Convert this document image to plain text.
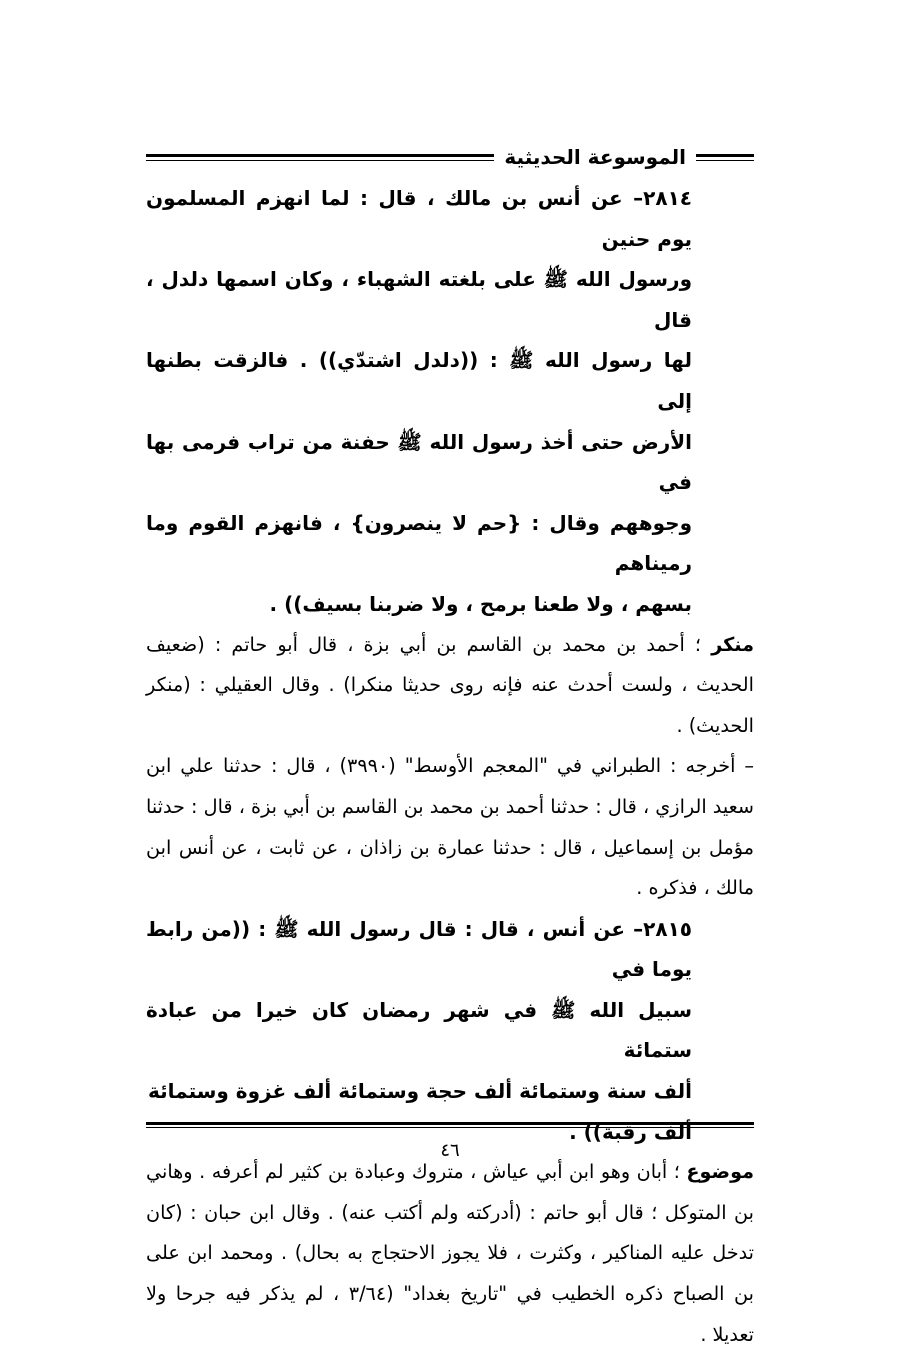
الموسوعة الحديثية
٢٨١٤– عن أنس بن مالك ، قال : لما انهزم المسلمون يوم حنين
ورسول الله ﷺ على بلغته الشهباء ، وكان اسمها دلدل ، قال
لها رسول الله ﷺ : ((دلدل اشتدّي)) . فالزقت بطنها إلى
الأرض حتى أخذ رسول الله ﷺ حفنة من تراب فرمى بها في
وجوههم وقال : {حم لا ينصرون} ، فانهزم القوم وما رميناهم
بسهم ، ولا طعنا برمح ، ولا ضربنا بسيف)) .

منكر ؛ أحمد بن محمد بن القاسم بن أبي بزة ، قال أبو حاتم : (ضعيف الحديث ، ولست أحدث عنه فإنه روى حديثا منكرا) . وقال العقيلي : (منكر الحديث) .

– أخرجه : الطبراني في "المعجم الأوسط" (٣٩٩٠) ، قال : حدثنا علي ابن سعيد الرازي ، قال : حدثنا أحمد بن محمد بن القاسم بن أبي بزة ، قال : حدثنا مؤمل بن إسماعيل ، قال : حدثنا عمارة بن زاذان ، عن ثابت ، عن أنس ابن مالك ، فذكره .

٢٨١٥– عن أنس ، قال : قال رسول الله ﷺ : ((من رابط يوما في
سبيل الله ﷺ في شهر رمضان كان خيرا من عبادة ستمائة
ألف سنة وستمائة ألف حجة وستمائة ألف غزوة وستمائة
ألف رقبة)) .

موضوع ؛ أبان وهو ابن أبي عياش ، متروك وعبادة بن كثير لم أعرفه . وهاني بن المتوكل ؛ قال أبو حاتم : (أدركته ولم أكتب عنه) . وقال ابن حبان : (كان تدخل عليه المناكير ، وكثرت ، فلا يجوز الاحتجاج به بحال) . ومحمد ابن على بن الصباح ذكره الخطيب في "تاريخ بغداد" (٣/٦٤ ، لم يذكر فيه جرحا ولا تعديلا .

٤٦
